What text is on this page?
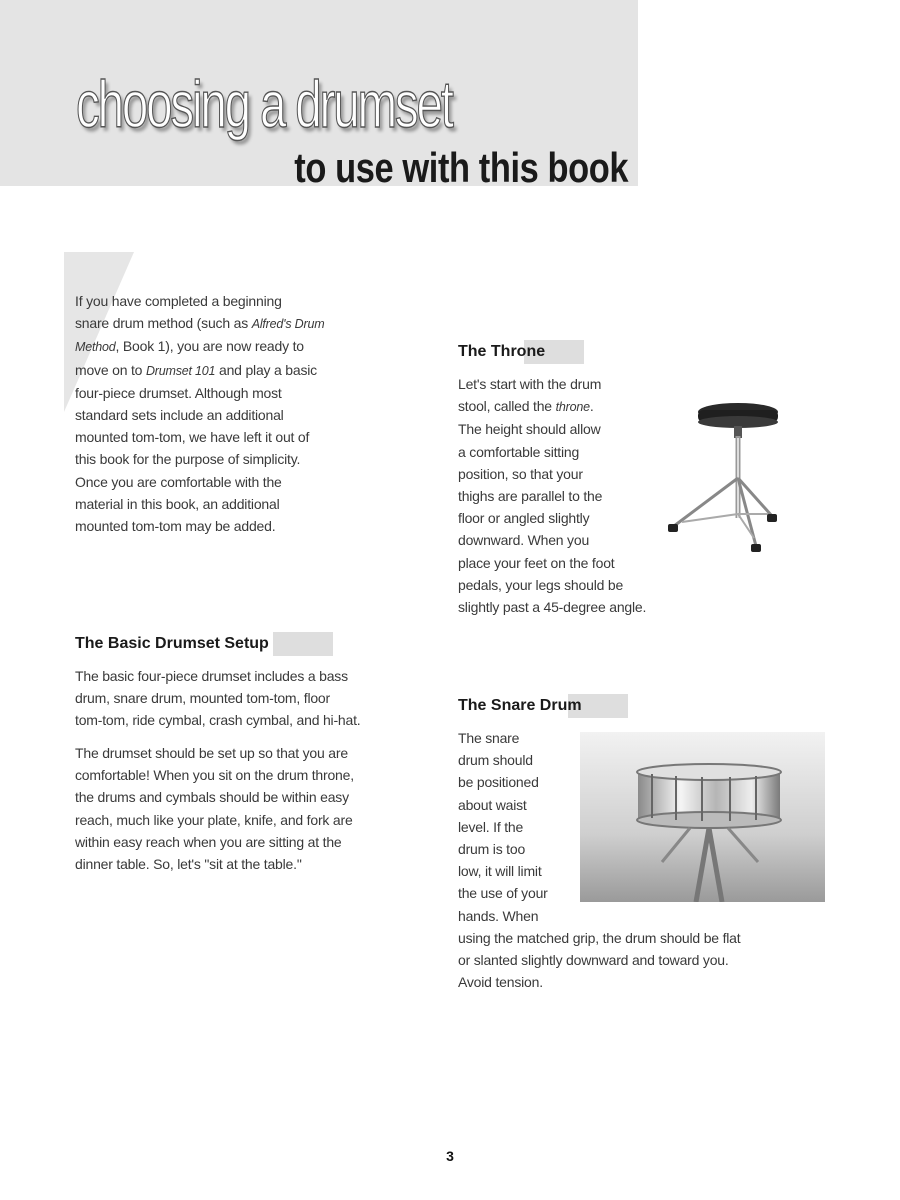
choosing a drumset
to use with this book
If you have completed a beginning
snare drum method (such as Alfred's Drum
Method, Book 1), you are now ready to
move on to Drumset 101 and play a basic
four-piece drumset. Although most
standard sets include an additional
mounted tom-tom, we have left it out of
this book for the purpose of simplicity.
Once you are comfortable with the
material in this book, an additional
mounted tom-tom may be added.
The Basic Drumset Setup
The basic four-piece drumset includes a bass
drum, snare drum, mounted tom-tom, floor
tom-tom, ride cymbal, crash cymbal, and hi-hat.
The drumset should be set up so that you are
comfortable! When you sit on the drum throne,
the drums and cymbals should be within easy
reach, much like your plate, knife, and fork are
within easy reach when you are sitting at the
dinner table. So, let's "sit at the table."
The Throne
Let's start with the drum
stool, called the throne.
The height should allow
a comfortable sitting
position, so that your
thighs are parallel to the
floor or angled slightly
downward. When you
place your feet on the foot
pedals, your legs should be
slightly past a 45-degree angle.
The Snare Drum
The snare
drum should
be positioned
about waist
level. If the
drum is too
low, it will limit
the use of your
hands. When
using the matched grip, the drum should be flat
or slanted slightly downward and toward you.
Avoid tension.
3
